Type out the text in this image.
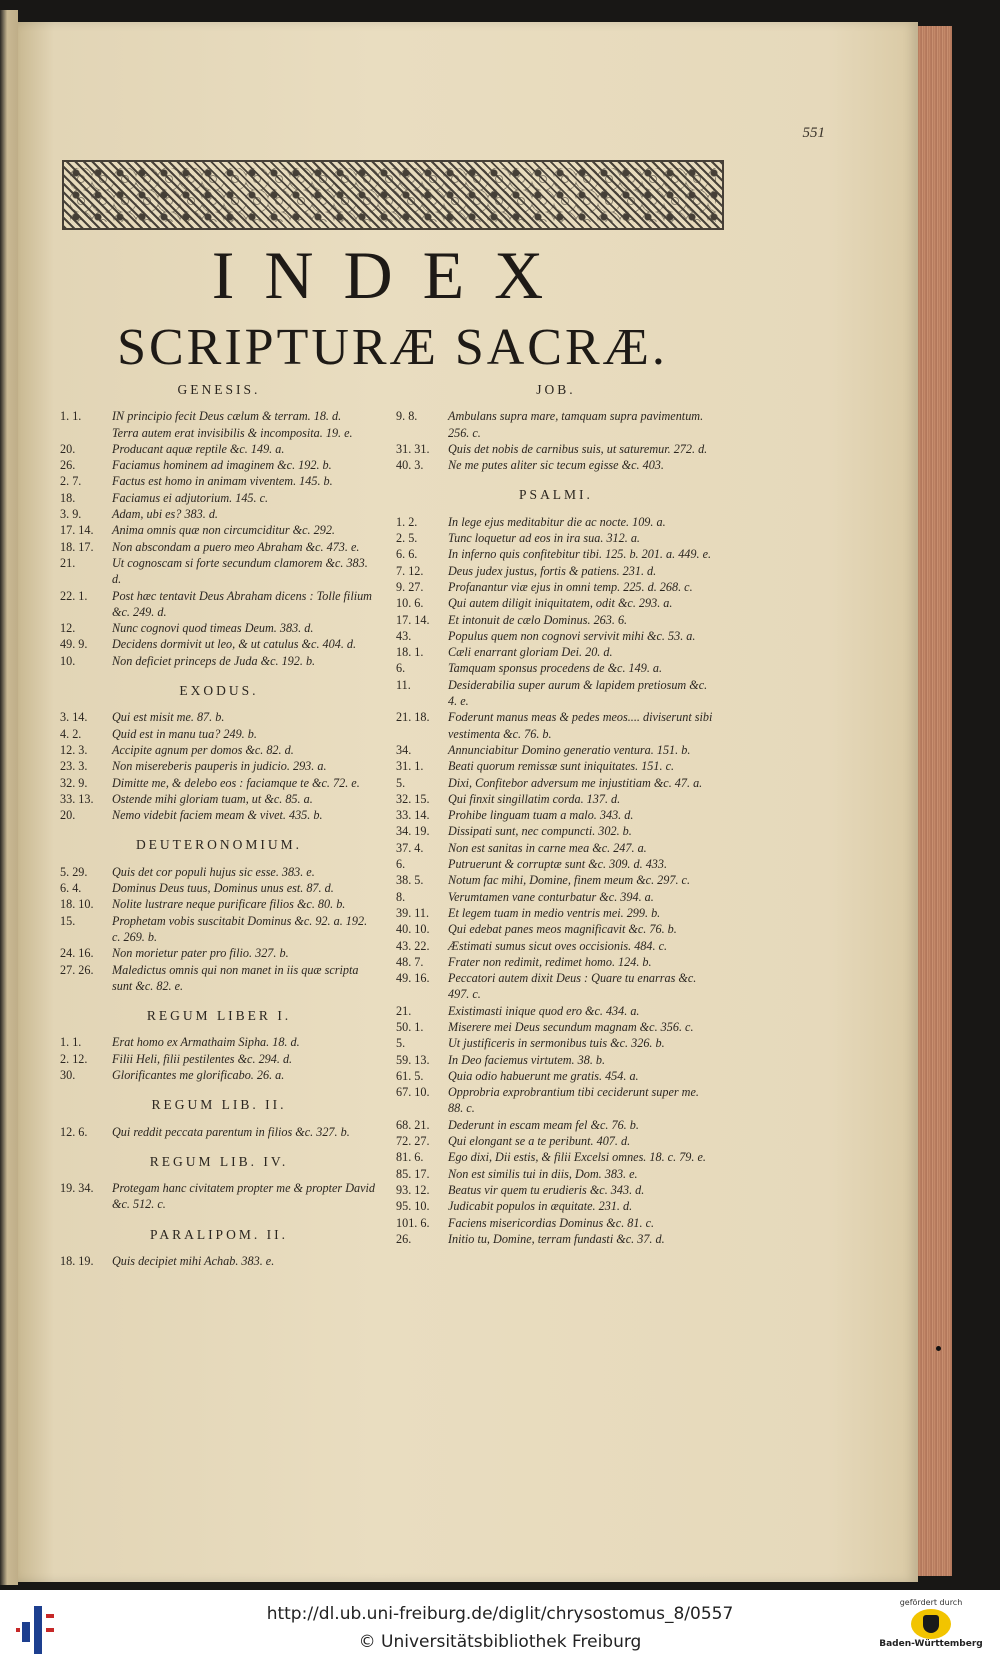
551
INDEX
SCRIPTURÆ SACRÆ.
GENESIS.
1. 1.	IN principio fecit Deus cælum & terram. 18. d.
Terra autem erat invisibilis & incomposita. 19. e.
20.	Producant aquæ reptile &c. 149. a.
26.	Faciamus hominem ad imaginem &c. 192. b.
2. 7.	Factus est homo in animam viventem. 145. b.
18.	Faciamus ei adjutorium. 145. c.
3. 9.	Adam, ubi es? 383. d.
17. 14.	Anima omnis quæ non circumciditur &c. 292.
18. 17.	Non abscondam a puero meo Abraham &c. 473. e.
21.	Ut cognoscam si forte secundum clamorem &c. 383. d.
22. 1.	Post hæc tentavit Deus Abraham dicens : Tolle filium &c. 249. d.
12.	Nunc cognovi quod timeas Deum. 383. d.
49. 9.	Decidens dormivit ut leo, & ut catulus &c. 404. d.
10.	Non deficiet princeps de Juda &c. 192. b.
EXODUS.
3. 14.	Qui est misit me. 87. b.
4. 2.	Quid est in manu tua? 249. b.
12. 3.	Accipite agnum per domos &c. 82. d.
23. 3.	Non misereberis pauperis in judicio. 293. a.
32. 9.	Dimitte me, & delebo eos : faciamque te &c. 72. e.
33. 13.	Ostende mihi gloriam tuam, ut &c. 85. a.
20.	Nemo videbit faciem meam & vivet. 435. b.
DEUTERONOMIUM.
5. 29.	Quis det cor populi hujus sic esse. 383. e.
6. 4.	Dominus Deus tuus, Dominus unus est. 87. d.
18. 10.	Nolite lustrare neque purificare filios &c. 80. b.
15.	Prophetam vobis suscitabit Dominus &c. 92. a. 192. c. 269. b.
24. 16.	Non morietur pater pro filio. 327. b.
27. 26.	Maledictus omnis qui non manet in iis quæ scripta sunt &c. 82. e.
REGUM LIBER I.
1. 1.	Erat homo ex Armathaim Sipha. 18. d.
2. 12.	Filii Heli, filii pestilentes &c. 294. d.
30.	Glorificantes me glorificabo. 26. a.
REGUM LIB. II.
12. 6.	Qui reddit peccata parentum in filios &c. 327. b.
REGUM LIB. IV.
19. 34.	Protegam hanc civitatem propter me & propter David &c. 512. c.
PARALIPOM. II.
18. 19.	Quis decipiet mihi Achab. 383. e.
JOB.
9. 8.	Ambulans supra mare, tamquam supra pavimentum. 256. c.
31. 31.	Quis det nobis de carnibus suis, ut saturemur. 272. d.
40. 3.	Ne me putes aliter sic tecum egisse &c. 403.
PSALMI.
1. 2.	In lege ejus meditabitur die ac nocte. 109. a.
2. 5.	Tunc loquetur ad eos in ira sua. 312. a.
6. 6.	In inferno quis confitebitur tibi. 125. b. 201. a. 449. e.
7. 12.	Deus judex justus, fortis & patiens. 231. d.
9. 27.	Profanantur viæ ejus in omni temp. 225. d. 268. c.
10. 6.	Qui autem diligit iniquitatem, odit &c. 293. a.
17. 14.	Et intonuit de cælo Dominus. 263. 6.
43.	Populus quem non cognovi servivit mihi &c. 53. a.
18. 1.	Cæli enarrant gloriam Dei. 20. d.
6.	Tamquam sponsus procedens de &c. 149. a.
11.	Desiderabilia super aurum & lapidem pretiosum &c. 4. e.
21. 18.	Foderunt manus meas & pedes meos.... diviserunt sibi vestimenta &c. 76. b.
34.	Annunciabitur Domino generatio ventura. 151. b.
31. 1.	Beati quorum remissæ sunt iniquitates. 151. c.
5.	Dixi, Confitebor adversum me injustitiam &c. 47. a.
32. 15.	Qui finxit singillatim corda. 137. d.
33. 14.	Prohibe linguam tuam a malo. 343. d.
34. 19.	Dissipati sunt, nec compuncti. 302. b.
37. 4.	Non est sanitas in carne mea &c. 247. a.
6.	Putruerunt & corruptæ sunt &c. 309. d. 433.
38. 5.	Notum fac mihi, Domine, finem meum &c. 297. c.
8.	Verumtamen vane conturbatur &c. 394. a.
39. 11.	Et legem tuam in medio ventris mei. 299. b.
40. 10.	Qui edebat panes meos magnificavit &c. 76. b.
43. 22.	Æstimati sumus sicut oves occisionis. 484. c.
48. 7.	Frater non redimit, redimet homo. 124. b.
49. 16.	Peccatori autem dixit Deus : Quare tu enarras &c. 497. c.
21.	Existimasti inique quod ero &c. 434. a.
50. 1.	Miserere mei Deus secundum magnam &c. 356. c.
5.	Ut justificeris in sermonibus tuis &c. 326. b.
59. 13.	In Deo faciemus virtutem. 38. b.
61. 5.	Quia odio habuerunt me gratis. 454. a.
67. 10.	Opprobria exprobrantium tibi ceciderunt super me. 88. c.
68. 21.	Dederunt in escam meam fel &c. 76. b.
72. 27.	Qui elongant se a te peribunt. 407. d.
81. 6.	Ego dixi, Dii estis, & filii Excelsi omnes. 18. c. 79. e.
85. 17.	Non est similis tui in diis, Dom. 383. e.
93. 12.	Beatus vir quem tu erudieris &c. 343. d.
95. 10.	Judicabit populos in æquitate. 231. d.
101. 6.	Faciens misericordias Dominus &c. 81. c.
26.	Initio tu, Domine, terram fundasti &c. 37. d.
http://dl.ub.uni-freiburg.de/diglit/chrysostomus_8/0557
© Universitätsbibliothek Freiburg
gefördert durch
Baden-Württemberg
